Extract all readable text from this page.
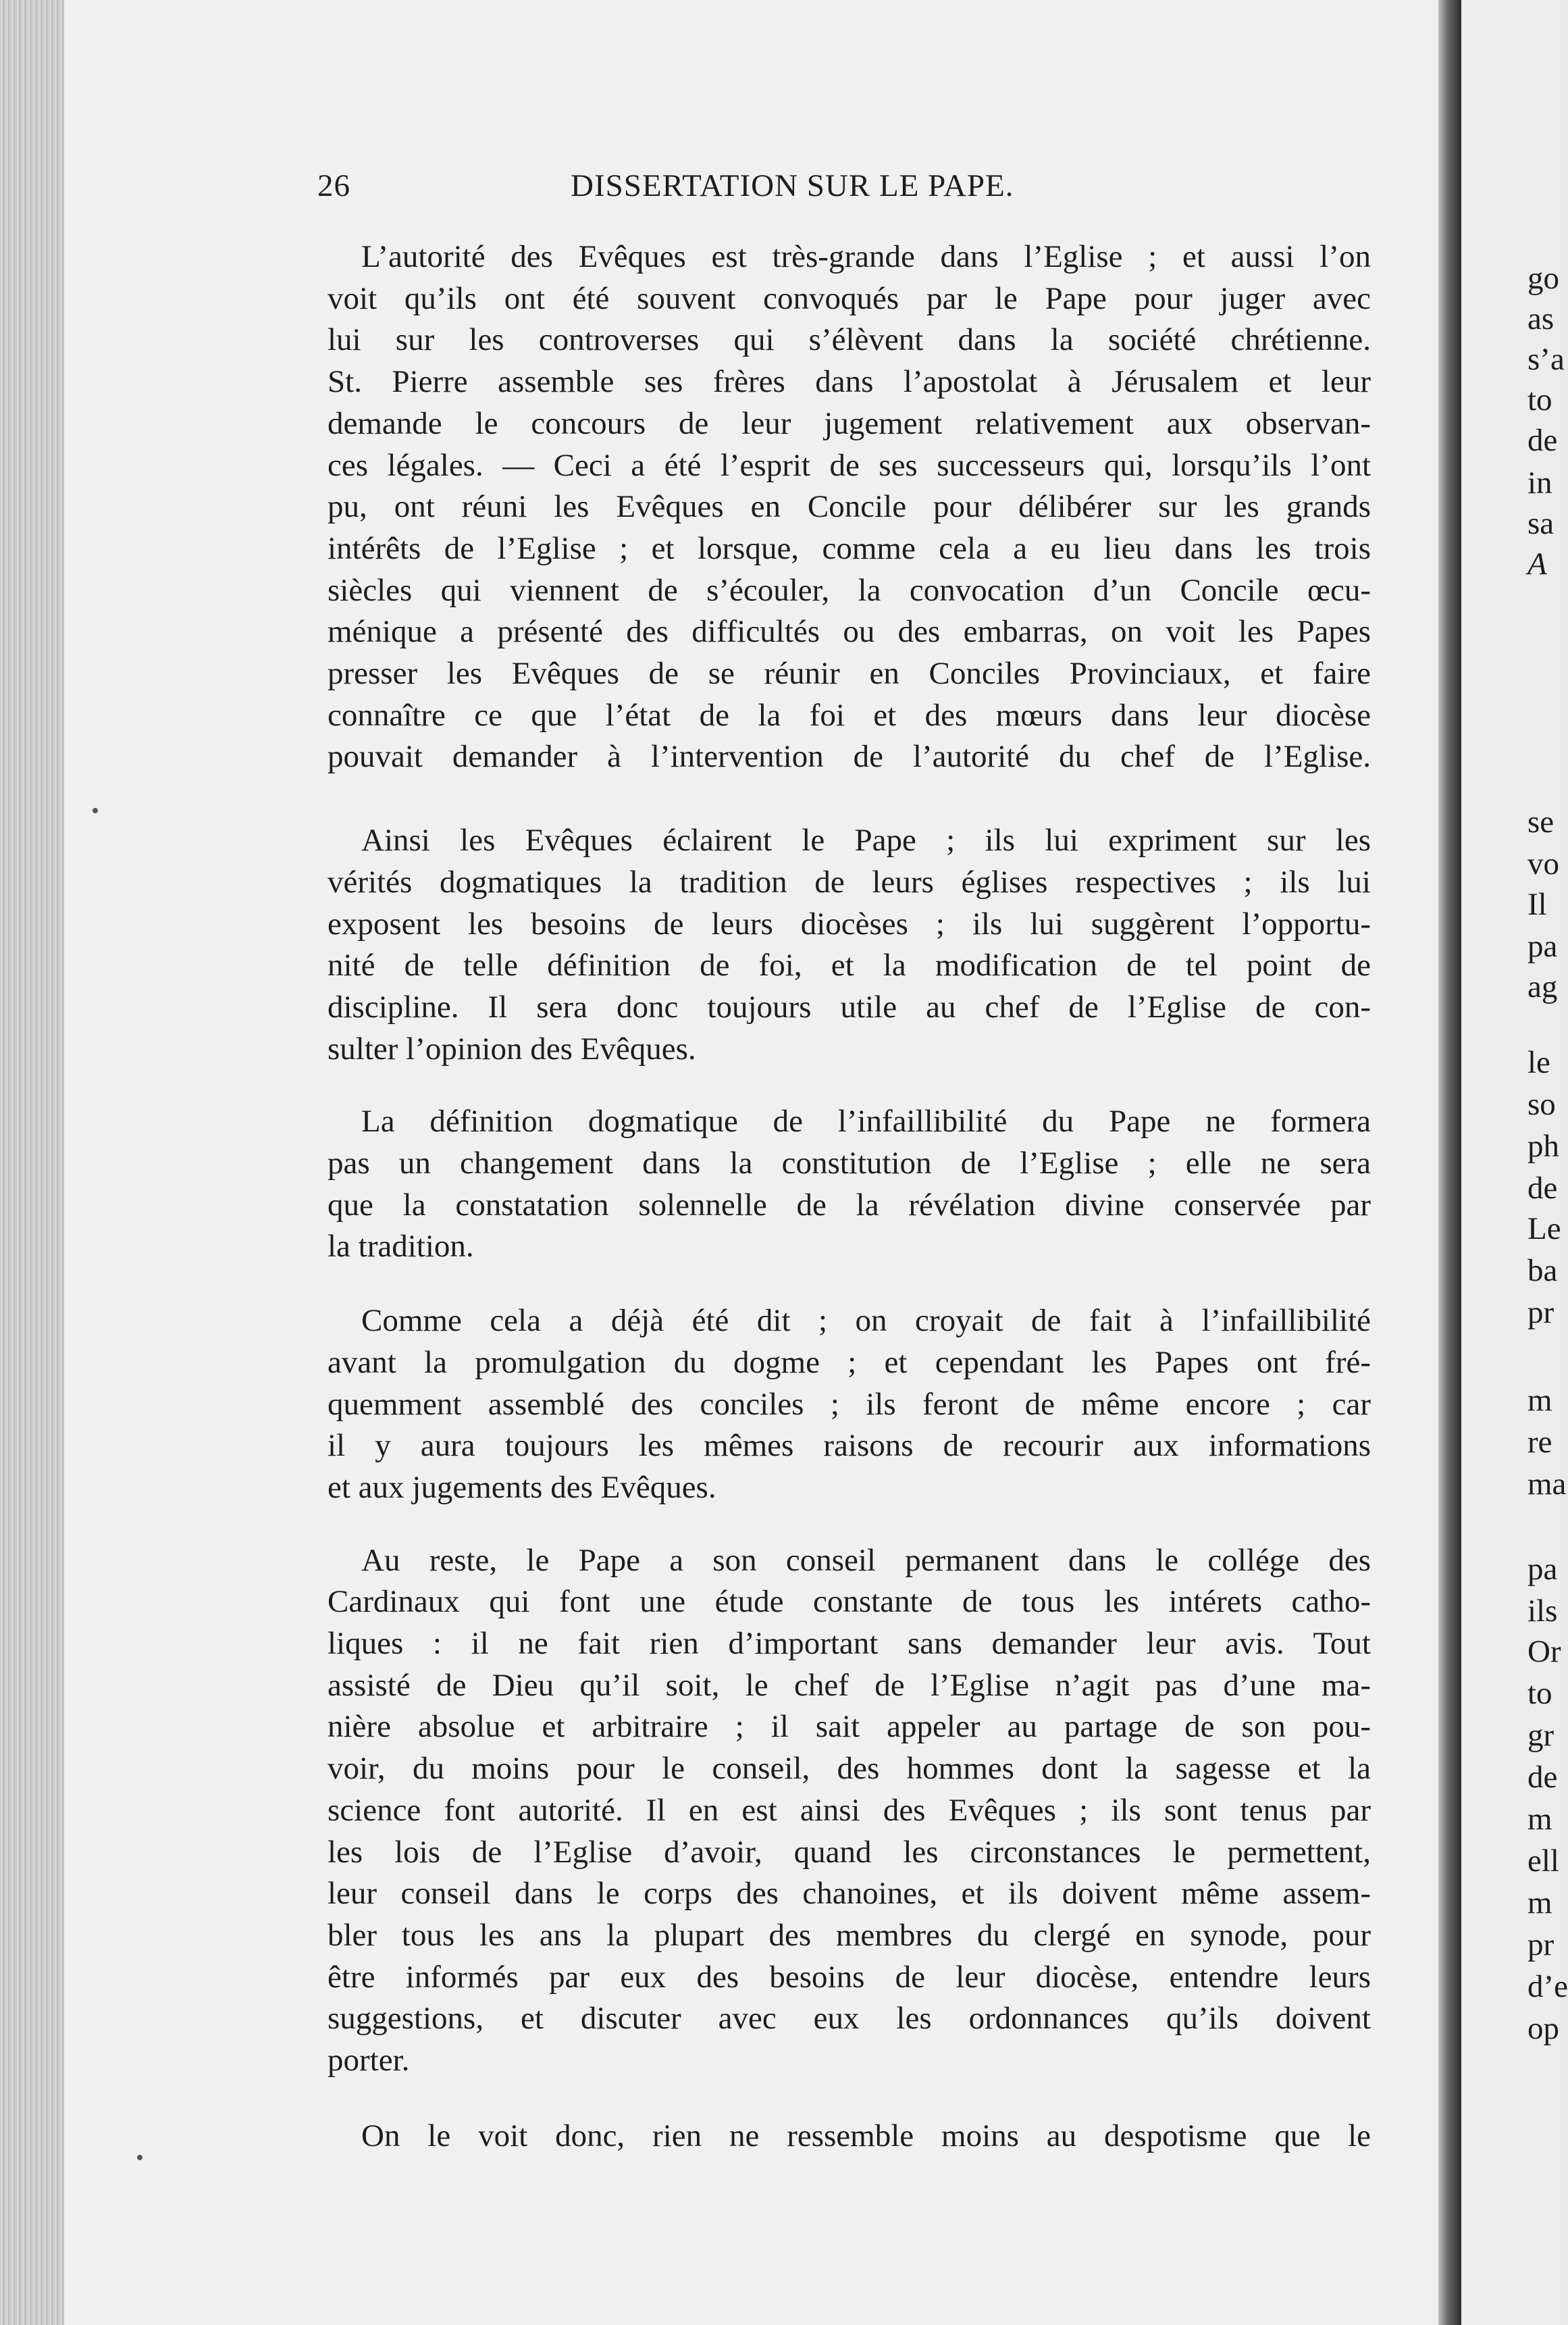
26	DISSERTATION SUR LE PAPE.
L’autorité des Evêques est très-grande dans l’Eglise ; et aussi l’on
voit qu’ils ont été souvent convoqués par le Pape pour juger avec
lui sur les controverses qui s’élèvent dans la société chrétienne.
St. Pierre assemble ses frères dans l’apostolat à Jérusalem et leur
demande le concours de leur jugement relativement aux observan-
ces légales. — Ceci a été l’esprit de ses successeurs qui, lorsqu’ils l’ont
pu, ont réuni les Evêques en Concile pour délibérer sur les grands
intérêts de l’Eglise ; et lorsque, comme cela a eu lieu dans les trois
siècles qui viennent de s’écouler, la convocation d’un Concile œcu-
ménique a présenté des difficultés ou des embarras, on voit les Papes
presser les Evêques de se réunir en Conciles Provinciaux, et faire
connaître ce que l’état de la foi et des mœurs dans leur diocèse
pouvait demander à l’intervention de l’autorité du chef de l’Eglise.
Ainsi les Evêques éclairent le Pape ; ils lui expriment sur les
vérités dogmatiques la tradition de leurs églises respectives ; ils lui
exposent les besoins de leurs diocèses ; ils lui suggèrent l’opportu-
nité de telle définition de foi, et la modification de tel point de
discipline. Il sera donc toujours utile au chef de l’Eglise de con-
sulter l’opinion des Evêques.
La définition dogmatique de l’infaillibilité du Pape ne formera
pas un changement dans la constitution de l’Eglise ; elle ne sera
que la constatation solennelle de la révélation divine conservée par
la tradition.
Comme cela a déjà été dit ; on croyait de fait à l’infaillibilité
avant la promulgation du dogme ; et cependant les Papes ont fré-
quemment assemblé des conciles ; ils feront de même encore ; car
il y aura toujours les mêmes raisons de recourir aux informations
et aux jugements des Evêques.
Au reste, le Pape a son conseil permanent dans le collége des
Cardinaux qui font une étude constante de tous les intérets catho-
liques : il ne fait rien d’important sans demander leur avis. Tout
assisté de Dieu qu’il soit, le chef de l’Eglise n’agit pas d’une ma-
nière absolue et arbitraire ; il sait appeler au partage de son pou-
voir, du moins pour le conseil, des hommes dont la sagesse et la
science font autorité. Il en est ainsi des Evêques ; ils sont tenus par
les lois de l’Eglise d’avoir, quand les circonstances le permettent,
leur conseil dans le corps des chanoines, et ils doivent même assem-
bler tous les ans la plupart des membres du clergé en synode, pour
être informés par eux des besoins de leur diocèse, entendre leurs
suggestions, et discuter avec eux les ordonnances qu’ils doivent
porter.
On le voit donc, rien ne ressemble moins au despotisme que le
go
as
s’a
to
de
in
sa
A
se
vo
Il
pa
ag
le
so
ph
de
Le
ba
pr
m
re
ma
pa
ils
Or
to
gr
de
m
ell
m
pr
d’e
op
